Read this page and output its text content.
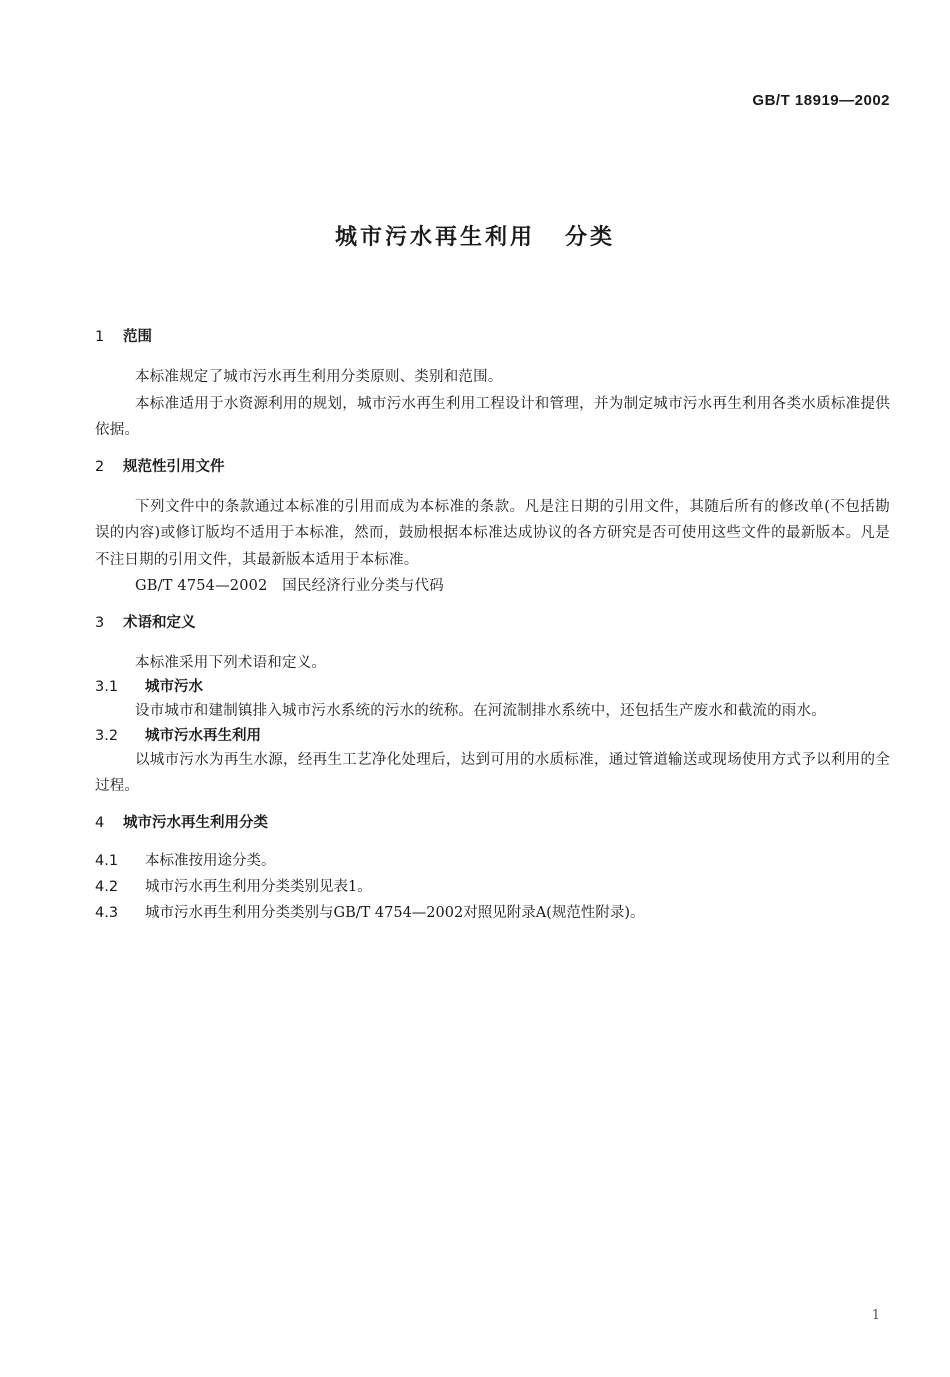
GB/T 18919—2002
城市污水再生利用 分类
1 范围

本标准规定了城市污水再生利用分类原则、类别和范围。

本标准适用于水资源利用的规划，城市污水再生利用工程设计和管理，并为制定城市污水再生利用各类水质标准提供依据。

2 规范性引用文件

下列文件中的条款通过本标准的引用而成为本标准的条款。凡是注日期的引用文件，其随后所有的修改单(不包括勘误的内容)或修订版均不适用于本标准，然而，鼓励根据本标准达成协议的各方研究是否可使用这些文件的最新版本。凡是不注日期的引用文件，其最新版本适用于本标准。

GB/T 4754—2002　国民经济行业分类与代码

3 术语和定义

本标准采用下列术语和定义。

3.1 城市污水

设市城市和建制镇排入城市污水系统的污水的统称。在河流制排水系统中，还包括生产废水和截流的雨水。

3.2 城市污水再生利用

以城市污水为再生水源，经再生工艺净化处理后，达到可用的水质标准，通过管道输送或现场使用方式予以利用的全过程。

4 城市污水再生利用分类

4.1 本标准按用途分类。

4.2 城市污水再生利用分类类别见表1。

4.3 城市污水再生利用分类类别与GB/T 4754—2002对照见附录A(规范性附录)。

1
